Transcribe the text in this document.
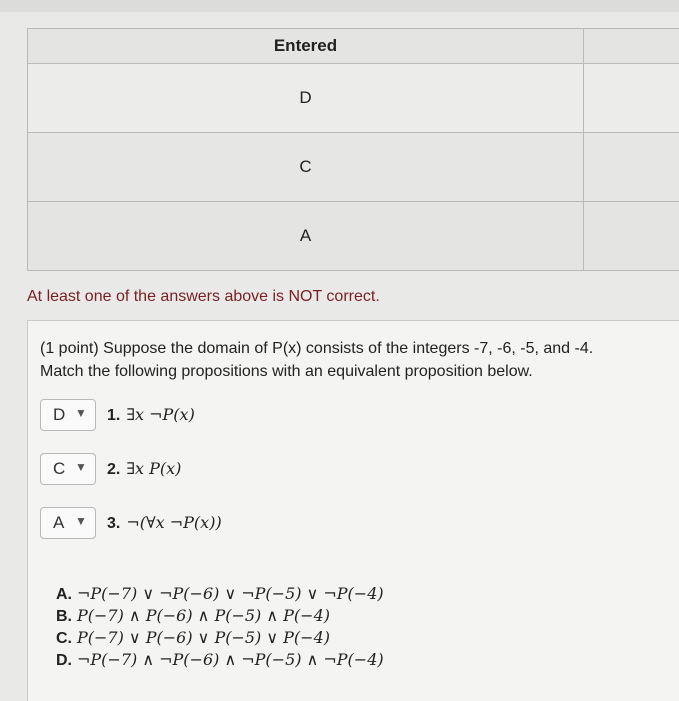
Entered	
D	
C	
A	
At least one of the answers above is NOT correct.
(1 point) Suppose the domain of P(x) consists of the integers -7, -6, -5, and -4.
Match the following propositions with an equivalent proposition below.
D ▼ 1. ∃x ¬P(x)
C ▼ 2. ∃x P(x)
A ▼ 3. ¬(∀x ¬P(x))
A. ¬P(−7) ∨ ¬P(−6) ∨ ¬P(−5) ∨ ¬P(−4)
B. P(−7) ∧ P(−6) ∧ P(−5) ∧ P(−4)
C. P(−7) ∨ P(−6) ∨ P(−5) ∨ P(−4)
D. ¬P(−7) ∧ ¬P(−6) ∧ ¬P(−5) ∧ ¬P(−4)
